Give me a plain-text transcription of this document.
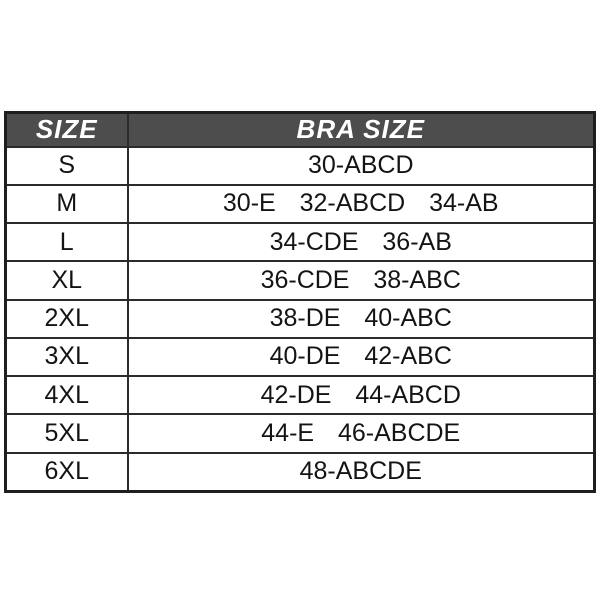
SIZE	BRA SIZE
S	30-ABCD
M	30-E  32-ABCD  34-AB
L	34-CDE  36-AB
XL	36-CDE  38-ABC
2XL	38-DE  40-ABC
3XL	40-DE  42-ABC
4XL	42-DE  44-ABCD
5XL	44-E  46-ABCDE
6XL	48-ABCDE
